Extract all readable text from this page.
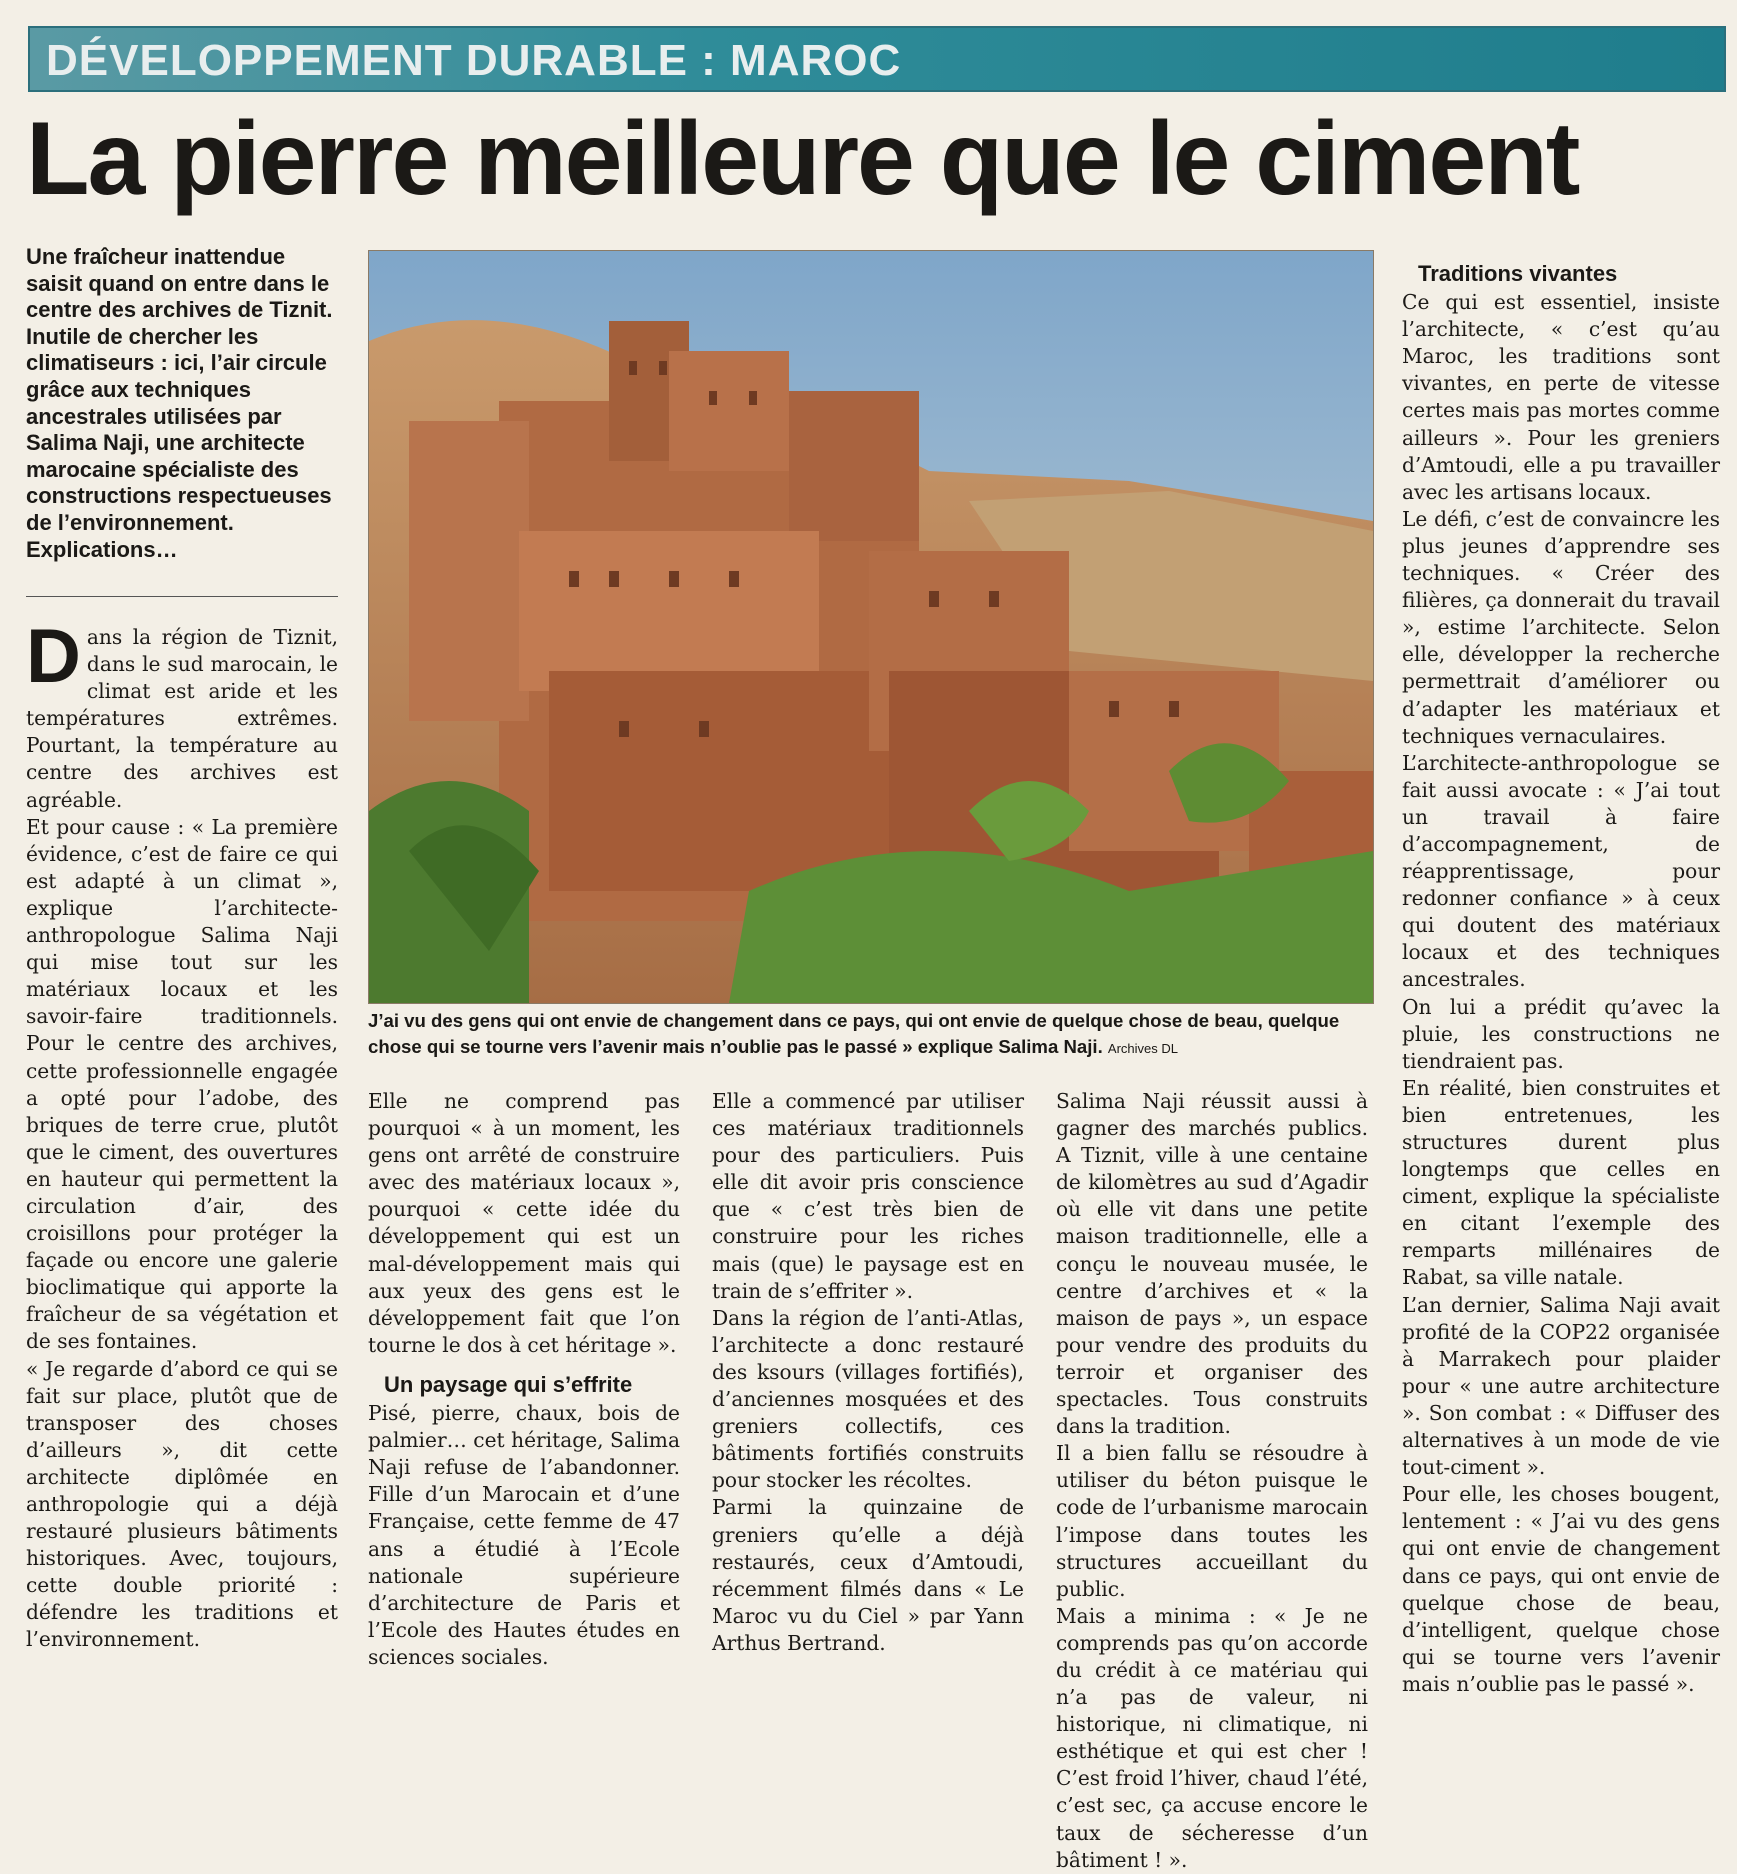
DÉVELOPPEMENT DURABLE : MAROC
La pierre meilleure que le ciment
Une fraîcheur inattendue saisit quand on entre dans le centre des archives de Tiznit. Inutile de chercher les climatiseurs : ici, l’air circule grâce aux techniques ancestrales utilisées par Salima Naji, une architecte marocaine spécialiste des constructions respectueuses de l’environnement. Explications…
J’ai vu des gens qui ont envie de changement dans ce pays, qui ont envie de quelque chose de beau, quelque chose qui se tourne vers l’avenir mais n’oublie pas le passé » explique Salima Naji. Archives DL

Dans la région de Tiznit, dans le sud marocain, le climat est aride et les températures extrêmes. Pourtant, la température au centre des archives est agréable.

Et pour cause : « La première évidence, c’est de faire ce qui est adapté à un climat », explique l’architecte-anthropologue Salima Naji qui mise tout sur les matériaux locaux et les savoir-faire traditionnels. Pour le centre des archives, cette professionnelle engagée a opté pour l’adobe, des briques de terre crue, plutôt que le ciment, des ouvertures en hauteur qui permettent la circulation d’air, des croisillons pour protéger la façade ou encore une galerie bioclimatique qui apporte la fraîcheur de sa végétation et de ses fontaines.

« Je regarde d’abord ce qui se fait sur place, plutôt que de transposer des choses d’ailleurs », dit cette architecte diplômée en anthropologie qui a déjà restauré plusieurs bâtiments historiques. Avec, toujours, cette double priorité : défendre les traditions et l’environnement.

Elle ne comprend pas pourquoi « à un moment, les gens ont arrêté de construire avec des matériaux locaux », pourquoi « cette idée du développement qui est un mal-développement mais qui aux yeux des gens est le développement fait que l’on tourne le dos à cet héritage ».

Un paysage qui s’effrite

Pisé, pierre, chaux, bois de palmier… cet héritage, Salima Naji refuse de l’abandonner. Fille d’un Marocain et d’une Française, cette femme de 47 ans a étudié à l’Ecole nationale supérieure d’architecture de Paris et l’Ecole des Hautes études en sciences sociales.

Elle a commencé par utiliser ces matériaux traditionnels pour des particuliers. Puis elle dit avoir pris conscience que « c’est très bien de construire pour les riches mais (que) le paysage est en train de s’effriter ».

Dans la région de l’anti-Atlas, l’architecte a donc restauré des ksours (villages fortifiés), d’anciennes mosquées et des greniers collectifs, ces bâtiments fortifiés construits pour stocker les récoltes.

Parmi la quinzaine de greniers qu’elle a déjà restaurés, ceux d’Amtoudi, récemment filmés dans « Le Maroc vu du Ciel » par Yann Arthus Bertrand.

Salima Naji réussit aussi à gagner des marchés publics. A Tiznit, ville à une centaine de kilomètres au sud d’Agadir où elle vit dans une petite maison traditionnelle, elle a conçu le nouveau musée, le centre d’archives et « la maison de pays », un espace pour vendre des produits du terroir et organiser des spectacles. Tous construits dans la tradition.

Il a bien fallu se résoudre à utiliser du béton puisque le code de l’urbanisme marocain l’impose dans toutes les structures accueillant du public.

Mais a minima : « Je ne comprends pas qu’on accorde du crédit à ce matériau qui n’a pas de valeur, ni historique, ni climatique, ni esthétique et qui est cher ! C’est froid l’hiver, chaud l’été, c’est sec, ça accuse encore le taux de sécheresse d’un bâtiment ! ».

Traditions vivantes

Ce qui est essentiel, insiste l’architecte, « c’est qu’au Maroc, les traditions sont vivantes, en perte de vitesse certes mais pas mortes comme ailleurs ». Pour les greniers d’Amtoudi, elle a pu travailler avec les artisans locaux.

Le défi, c’est de convaincre les plus jeunes d’apprendre ses techniques. « Créer des filières, ça donnerait du travail », estime l’architecte. Selon elle, développer la recherche permettrait d’améliorer ou d’adapter les matériaux et techniques vernaculaires.

L’architecte-anthropologue se fait aussi avocate : « J’ai tout un travail à faire d’accompagnement, de réapprentissage, pour redonner confiance » à ceux qui doutent des matériaux locaux et des techniques ancestrales.

On lui a prédit qu’avec la pluie, les constructions ne tiendraient pas.

En réalité, bien construites et bien entretenues, les structures durent plus longtemps que celles en ciment, explique la spécialiste en citant l’exemple des remparts millénaires de Rabat, sa ville natale.

L’an dernier, Salima Naji avait profité de la COP22 organisée à Marrakech pour plaider pour « une autre architecture ». Son combat : « Diffuser des alternatives à un mode de vie tout-ciment ».

Pour elle, les choses bougent, lentement : « J’ai vu des gens qui ont envie de changement dans ce pays, qui ont envie de quelque chose de beau, d’intelligent, quelque chose qui se tourne vers l’avenir mais n’oublie pas le passé ».
